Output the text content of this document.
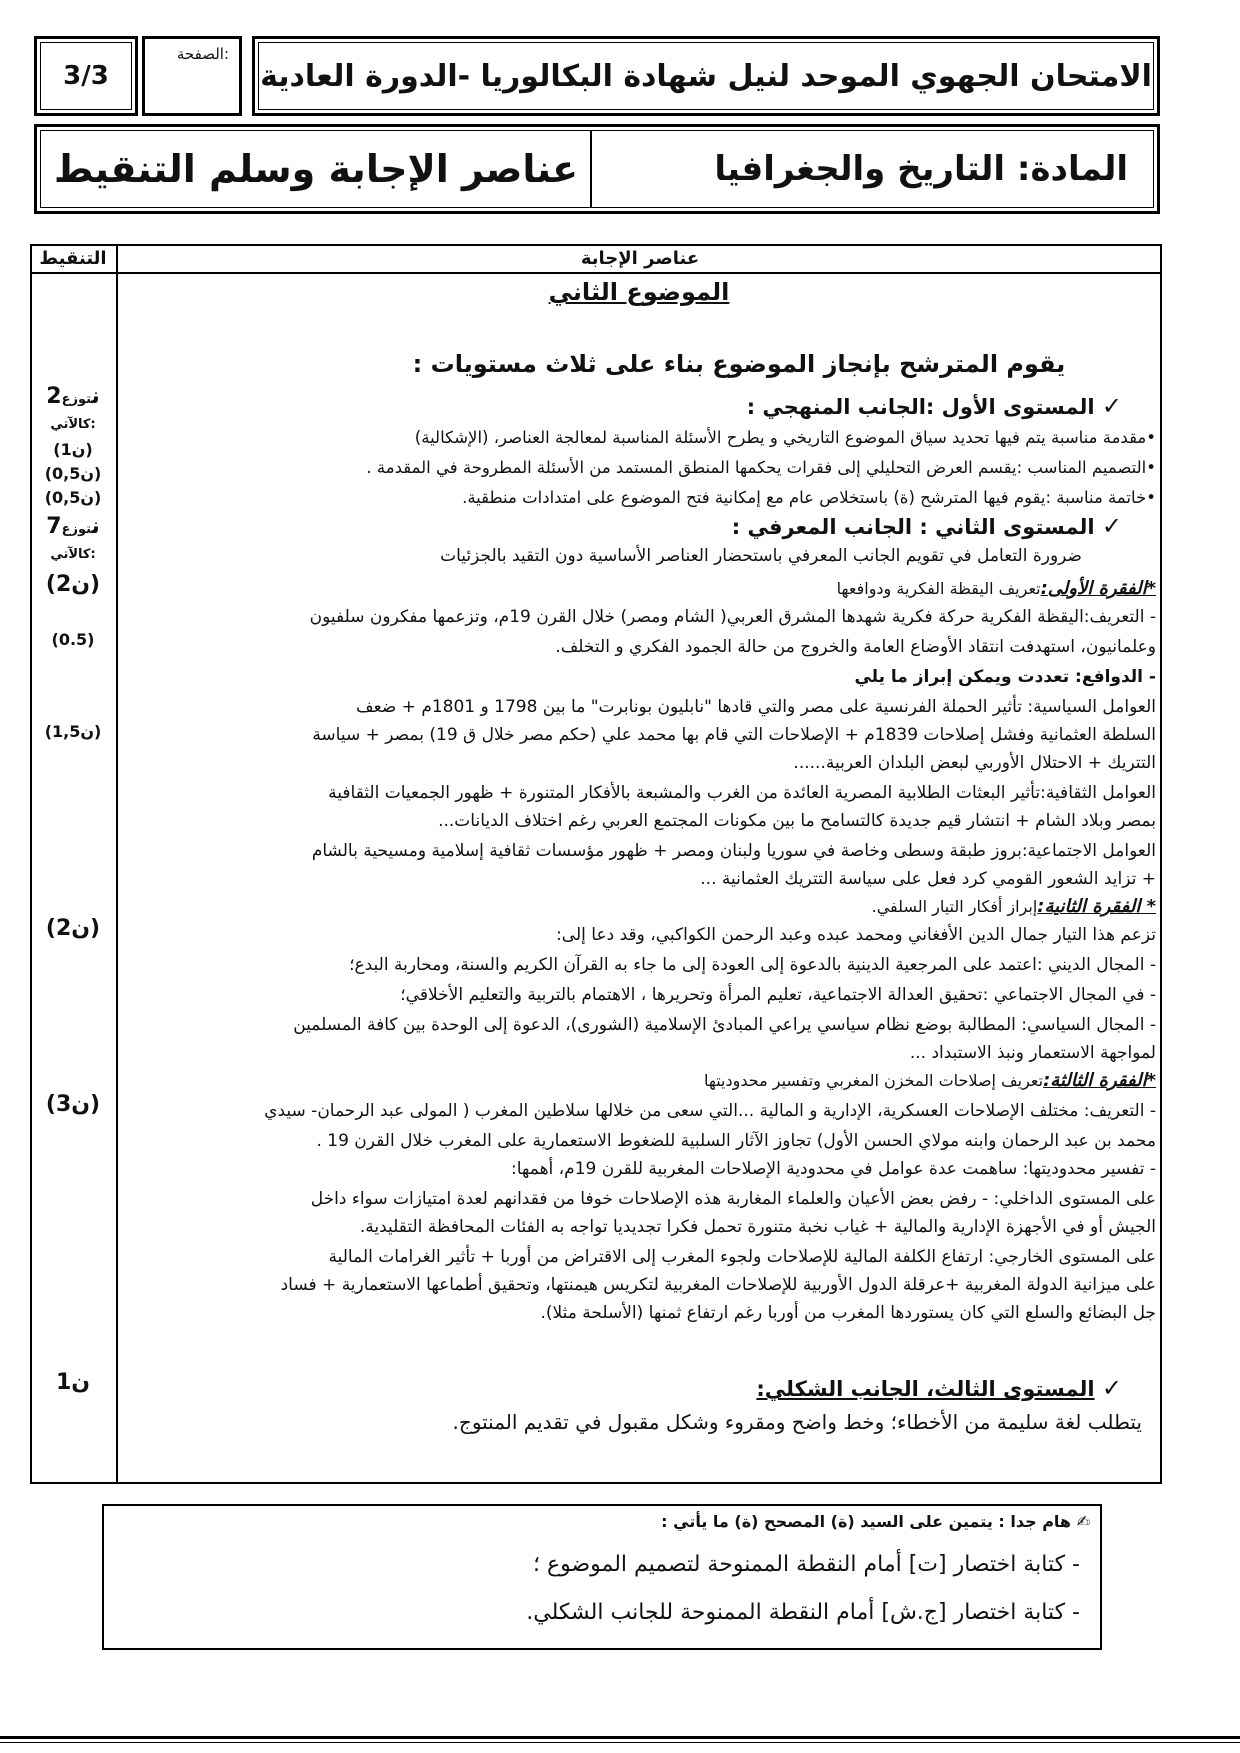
3/3
الصفحة:
الامتحان الجهوي الموحد لنيل شهادة البكالوريا -الدورة العادية
المادة: التاريخ والجغرافيا
عناصر الإجابة وسلم التنقيط
التنقيط	عناصر الإجابة
الموضوع الثاني
يقوم المترشح بإنجاز الموضوع بناء على ثلاث مستويات :
✓ المستوى الأول :الجانب المنهجي :
•مقدمة مناسبة يتم فيها تحديد سياق الموضوع التاريخي و يطرح الأسئلة المناسبة لمعالجة العناصر، (الإشكالية)
•التصميم المناسب :يقسم العرض التحليلي إلى فقرات يحكمها المنطق المستمد من الأسئلة المطروحة في المقدمة .
•خاتمة مناسبة :يقوم فيها المترشح (ة) باستخلاص عام مع إمكانية فتح الموضوع على امتدادات منطقية.
✓ المستوى الثاني : الجانب المعرفي :
ضرورة التعامل في تقويم الجانب المعرفي باستحضار العناصر الأساسية دون التقيد بالجزئيات
*الفقرة الأولى:تعريف اليقظة الفكرية ودوافعها
- التعريف:اليقظة الفكرية حركة فكرية شهدها المشرق العربي( الشام ومصر) خلال القرن 19م، وتزعمها مفكرون سلفيون
وعلمانيون، استهدفت انتقاد الأوضاع العامة والخروج من حالة الجمود الفكري و التخلف.
- الدوافع: تعددت ويمكن إبراز ما يلي
العوامل السياسية: تأثير الحملة الفرنسية على مصر والتي قادها "نابليون بونابرت" ما بين 1798 و 1801م + ضعف
السلطة العثمانية وفشل إصلاحات 1839م + الإصلاحات التي قام بها محمد علي (حكم مصر خلال ق 19) بمصر + سياسة
التتريك + الاحتلال الأوربي لبعض البلدان العربية......
العوامل الثقافية:تأثير البعثات الطلابية المصرية العائدة من الغرب والمشبعة بالأفكار المتنورة + ظهور الجمعيات الثقافية
بمصر وبلاد الشام + انتشار قيم جديدة كالتسامح ما بين مكونات المجتمع العربي رغم اختلاف الديانات...
العوامل الاجتماعية:بروز طبقة وسطى وخاصة في سوريا ولبنان ومصر + ظهور مؤسسات ثقافية إسلامية ومسيحية بالشام
+ تزايد الشعور القومي كرد فعل على سياسة التتريك العثمانية ...
* الفقرة الثانية:إبراز أفكار التيار السلفي.
تزعم هذا التيار جمال الدين الأفغاني ومحمد عبده وعبد الرحمن الكواكبي، وقد دعا إلى:
- المجال الديني :اعتمد على المرجعية الدينية بالدعوة إلى العودة إلى ما جاء به القرآن الكريم والسنة، ومحاربة البدع؛
- في المجال الاجتماعي :تحقيق العدالة الاجتماعية، تعليم المرأة وتحريرها ، الاهتمام بالتربية والتعليم الأخلاقي؛
- المجال السياسي: المطالبة بوضع نظام سياسي يراعي المبادئ الإسلامية (الشورى)، الدعوة إلى الوحدة بين كافة المسلمين
لمواجهة الاستعمار ونبذ الاستبداد ...
*الفقرة الثالثة:تعريف إصلاحات المخزن المغربي وتفسير محدوديتها
- التعريف: مختلف الإصلاحات العسكرية، الإدارية و المالية ...التي سعى من خلالها سلاطين المغرب ( المولى عبد الرحمان- سيدي
محمد بن عبد الرحمان وابنه مولاي الحسن الأول) تجاوز الآثار السلبية للضغوط الاستعمارية على المغرب خلال القرن 19 .
- تفسير محدوديتها: ساهمت عدة عوامل في محدودية الإصلاحات المغربية للقرن 19م، أهمها:
على المستوى الداخلي: - رفض بعض الأعيان والعلماء المغاربة هذه الإصلاحات خوفا من فقدانهم لعدة امتيازات سواء داخل
الجيش أو في الأجهزة الإدارية والمالية + غياب نخبة متنورة تحمل فكرا تجديديا تواجه به الفئات المحافظة التقليدية.
على المستوى الخارجي: ارتفاع الكلفة المالية للإصلاحات ولجوء المغرب إلى الاقتراض من أوربا + تأثير الغرامات المالية
على ميزانية الدولة المغربية +عرقلة الدول الأوربية للإصلاحات المغربية لتكريس هيمنتها، وتحقيق أطماعها الاستعمارية + فساد
جل البضائع والسلع التي كان يستوردها المغرب من أوربا رغم ارتفاع ثمنها (الأسلحة مثلا).
✓ المستوى الثالث، الجانب الشكلي:
يتطلب لغة سليمة من الأخطاء؛ وخط واضح ومقروء وشكل مقبول في تقديم المنتوج.
2نتوزع كالآتي:
(1ن)
(0,5ن)
(0,5ن)
7نتوزع كالآتي:
(2ن)
(0.5)
(1,5ن)
(2ن)
(3ن)
1ن
✍ هام جدا : يتمين على السيد (ة) المصحح (ة) ما يأتي :
- كتابة اختصار [ت] أمام النقطة الممنوحة لتصميم الموضوع ؛
- كتابة اختصار [ج.ش] أمام النقطة الممنوحة للجانب الشكلي.
